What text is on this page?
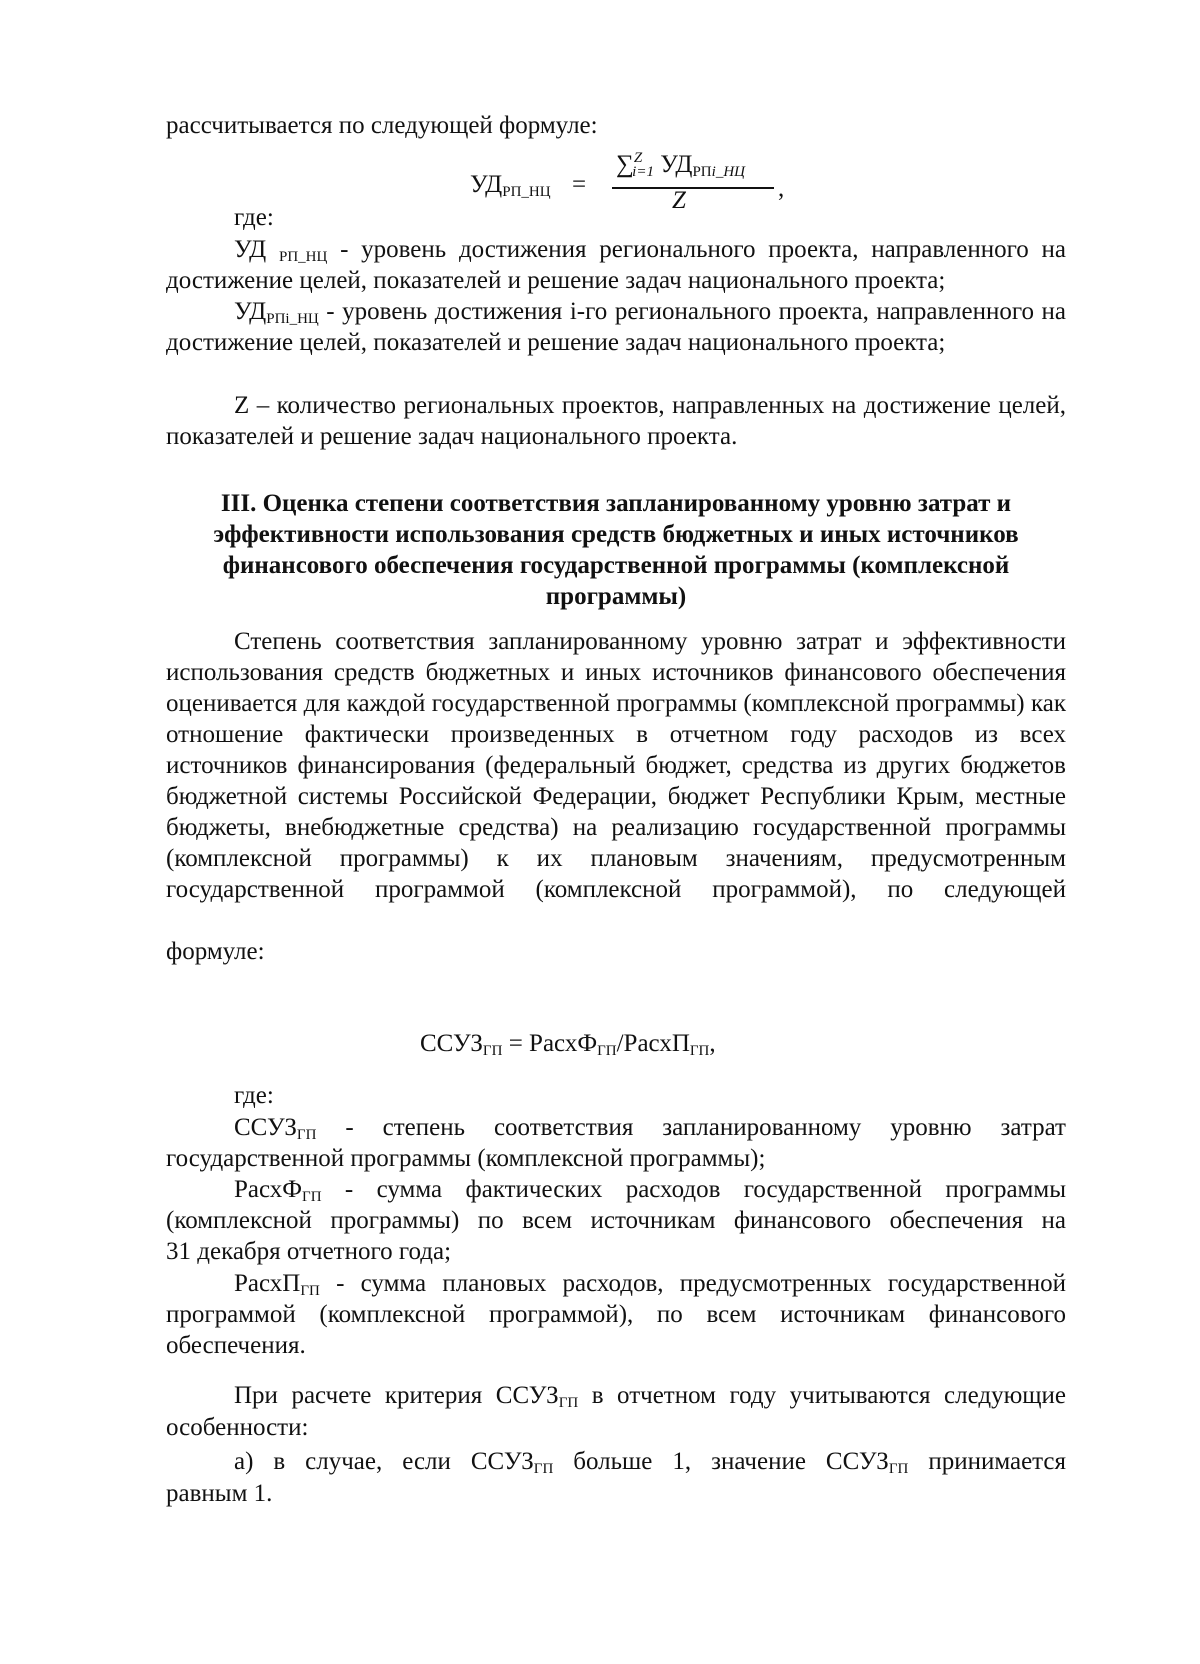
рассчитывается по следующей формуле:

$УД_{РП\_НЦ}$ =
∑$^Z_{i=1}$ $УД_{РПi\_НЦ}$
Z	,

где:

УД $_{РП\_НЦ}$ - уровень достижения регионального проекта, направленного на достижение целей, показателей и решение задач национального проекта;

$УД_{РПi\_НЦ}$ - уровень достижения i-го регионального проекта, направленного на достижение целей, показателей и решение задач национального проекта;

Z – количество региональных проектов, направленных на достижение целей, показателей и решение задач национального проекта.

III. Оценка степени соответствия запланированному уровню затрат и
эффективности использования средств бюджетных и иных источников
финансового обеспечения государственной программы (комплексной
программы)

Степень соответствия запланированному уровню затрат и эффективности использования средств бюджетных и иных источников финансового обеспечения оценивается для каждой государственной программы (комплексной программы) как отношение фактически произведенных в отчетном году расходов из всех источников финансирования (федеральный бюджет, средства из других бюджетов бюджетной системы Российской Федерации, бюджет Республики Крым, местные бюджеты, внебюджетные средства) на реализацию государственной программы (комплексной программы) к их плановым значениям, предусмотренным государственной программой (комплексной программой), по следующей

формуле:

$ССУЗ_{ГП}$ = РасхФ$_{ГП}$/РасхП$_{ГП}$,

где:

$ССУЗ_{ГП}$ - степень соответствия запланированному уровню затрат государственной программы (комплексной программы);

РасхФ$_{ГП}$ - сумма фактических расходов государственной программы (комплексной программы) по всем источникам финансового обеспечения на

31 декабря отчетного года;

РасхП$_{ГП}$ - сумма плановых расходов, предусмотренных государственной программой (комплексной программой), по всем источникам финансового

обеспечения.

При расчете критерия $ССУЗ_{ГП}$ в отчетном году учитываются следующие

особенности:

а) в случае, если $ССУЗ_{ГП}$ больше 1, значение $ССУЗ_{ГП}$ принимается

равным 1.
